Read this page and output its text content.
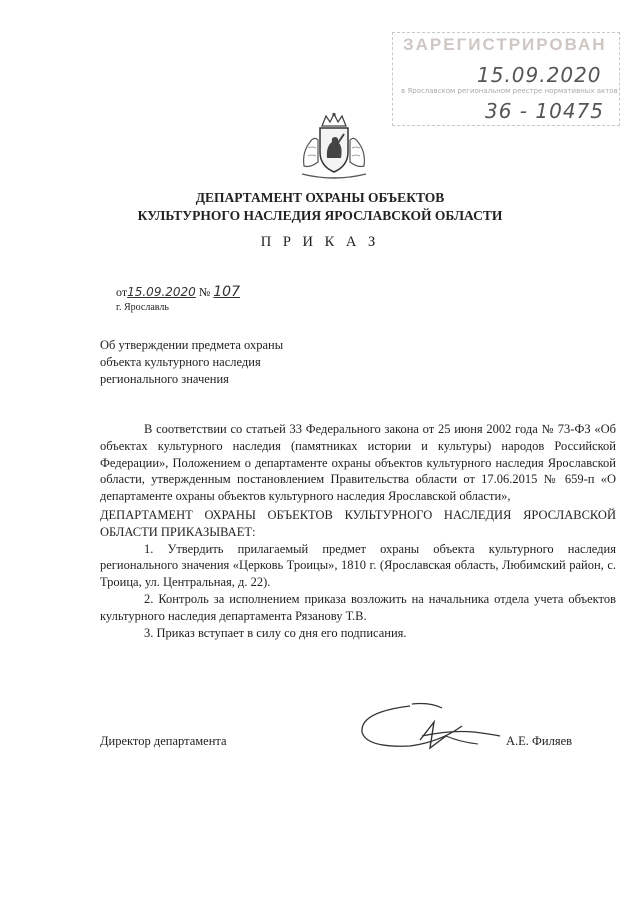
ЗАРЕГИСТРИРОВАН
15.09.2020
в Ярославском региональном реестре нормативных актов
36 - 10475
ДЕПАРТАМЕНТ ОХРАНЫ ОБЪЕКТОВ
КУЛЬТУРНОГО НАСЛЕДИЯ ЯРОСЛАВСКОЙ ОБЛАСТИ
П Р И К А З
от15.09.2020 № 107
г. Ярославль
Об утверждении предмета охраны
объекта культурного наследия
регионального значения
В соответствии со статьей 33 Федерального закона от 25 июня 2002 года № 73-ФЗ «Об объектах культурного наследия (памятниках истории и культуры) народов Российской Федерации», Положением о департаменте охраны объектов культурного наследия Ярославской области, утвержденным постановлением Правительства области от 17.06.2015 № 659-п «О департаменте охраны объектов культурного наследия Ярославской области»,
ДЕПАРТАМЕНТ ОХРАНЫ ОБЪЕКТОВ КУЛЬТУРНОГО НАСЛЕДИЯ ЯРОСЛАВСКОЙ ОБЛАСТИ ПРИКАЗЫВАЕТ:
1. Утвердить прилагаемый предмет охраны объекта культурного наследия регионального значения «Церковь Троицы», 1810 г. (Ярославская область, Любимский район, с. Троица, ул. Центральная, д. 22).
2. Контроль за исполнением приказа возложить на начальника отдела учета объектов культурного наследия департамента Рязанову Т.В.
3. Приказ вступает в силу со дня его подписания.
Директор департамента	А.Е. Филяев
